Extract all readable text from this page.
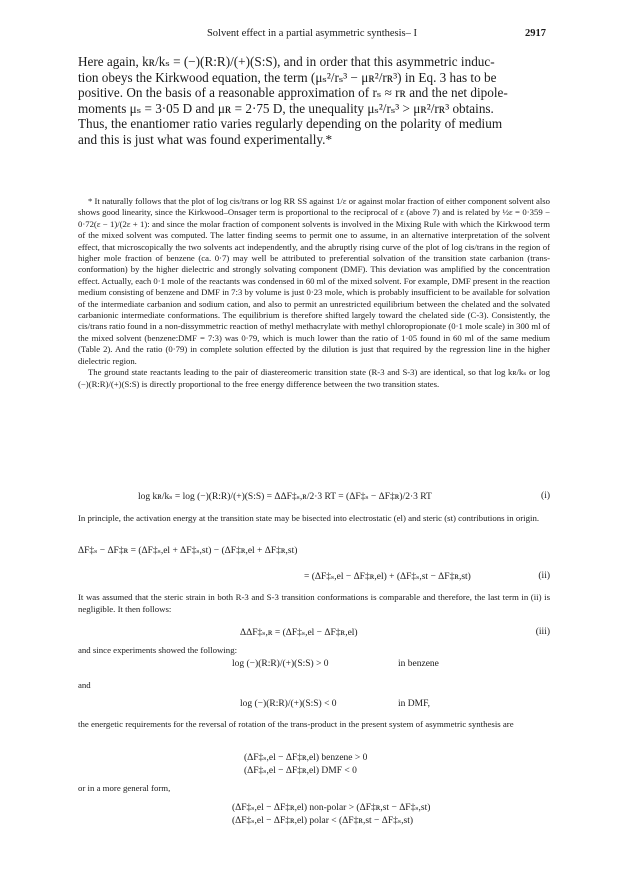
Solvent effect in a partial asymmetric synthesis– I	2917
Here again, kʀ/kₛ = (−)(R:R)/(+)(S:S), and in order that this asymmetric induc-
tion obeys the Kirkwood equation, the term (μₛ²/rₛ³ − μʀ²/rʀ³) in Eq. 3 has to be
positive. On the basis of a reasonable approximation of rₛ ≈ rʀ and the net dipole-
moments μₛ = 3·05 D and μʀ = 2·75 D, the unequality μₛ²/rₛ³ > μʀ²/rʀ³ obtains.
Thus, the enantiomer ratio varies regularly depending on the polarity of medium
and this is just what was found experimentally.*

* It naturally follows that the plot of log cis/trans or log RR SS against 1/ε or against molar fraction of either component solvent also shows good linearity, since the Kirkwood–Onsager term is proportional to the reciprocal of ε (above 7) and is related by ½ε = 0·359 − 0·72(ε − 1)/(2ε + 1): and since the molar fraction of component solvents is involved in the Mixing Rule with which the Kirkwood term of the mixed solvent was computed. The latter finding seems to permit one to assume, in an alternative interpretation of the solvent effect, that microscopically the two solvents act independently, and the abruptly rising curve of the plot of log cis/trans in the region of higher mole fraction of benzene (ca. 0·7) may well be attributed to preferential solvation of the transition state carbanion (trans-conformation) by the higher dielectric and strongly solvating component (DMF). This deviation was amplified by the concentration effect. Actually, each 0·1 mole of the reactants was condensed in 60 ml of the mixed solvent. For example, DMF present in the reaction medium consisting of benzene and DMF in 7:3 by volume is just 0·23 mole, which is probably insufficient to be available for solvation of the intermediate carbanion and sodium cation, and also to permit an unrestricted equilibrium between the chelated and the solvated carbanionic intermediate conformations. The equilibrium is therefore shifted largely toward the chelated side (C-3). Consistently, the cis/trans ratio found in a non-dissymmetric reaction of methyl methacrylate with methyl chloropropionate (0·1 mole scale) in 300 ml of the mixed solvent (benzene:DMF = 7:3) was 0·79, which is much lower than the ratio of 1·05 found in 60 ml of the same medium (Table 2). And the ratio (0·79) in complete solution effected by the dilution is just that required by the regression line in the higher dielectric region.

The ground state reactants leading to the pair of diastereomeric transition state (R-3 and S-3) are identical, so that log kʀ/kₛ or log (−)(R:R)/(+)(S:S) is directly proportional to the free energy difference between the two transition states.

log kʀ/kₛ = log (−)(R:R)/(+)(S:S) = ΔΔF‡ₛ,ʀ/2·3 RT = (ΔF‡ₛ − ΔF‡ʀ)/2·3 RT	(i)
In principle, the activation energy at the transition state may be bisected into electrostatic (el) and steric (st) contributions in origin.
ΔF‡ₛ − ΔF‡ʀ = (ΔF‡ₛ,el + ΔF‡ₛ,st) − (ΔF‡ʀ,el + ΔF‡ʀ,st)
= (ΔF‡ₛ,el − ΔF‡ʀ,el) + (ΔF‡ₛ,st − ΔF‡ʀ,st)	(ii)
It was assumed that the steric strain in both R-3 and S-3 transition conformations is comparable and therefore, the last term in (ii) is negligible. It then follows:
ΔΔF‡ₛ,ʀ = (ΔF‡ₛ,el − ΔF‡ʀ,el)	(iii)
and since experiments showed the following:
log (−)(R:R)/(+)(S:S) > 0	in benzene
and
log (−)(R:R)/(+)(S:S) < 0	in DMF,
the energetic requirements for the reversal of rotation of the trans-product in the present system of asymmetric synthesis are
(ΔF‡ₛ,el − ΔF‡ʀ,el) benzene > 0
(ΔF‡ₛ,el − ΔF‡ʀ,el) DMF < 0
or in a more general form,
(ΔF‡ₛ,el − ΔF‡ʀ,el) non-polar > (ΔF‡ʀ,st − ΔF‡ₛ,st)
(ΔF‡ₛ,el − ΔF‡ʀ,el) polar < (ΔF‡ʀ,st − ΔF‡ₛ,st)
